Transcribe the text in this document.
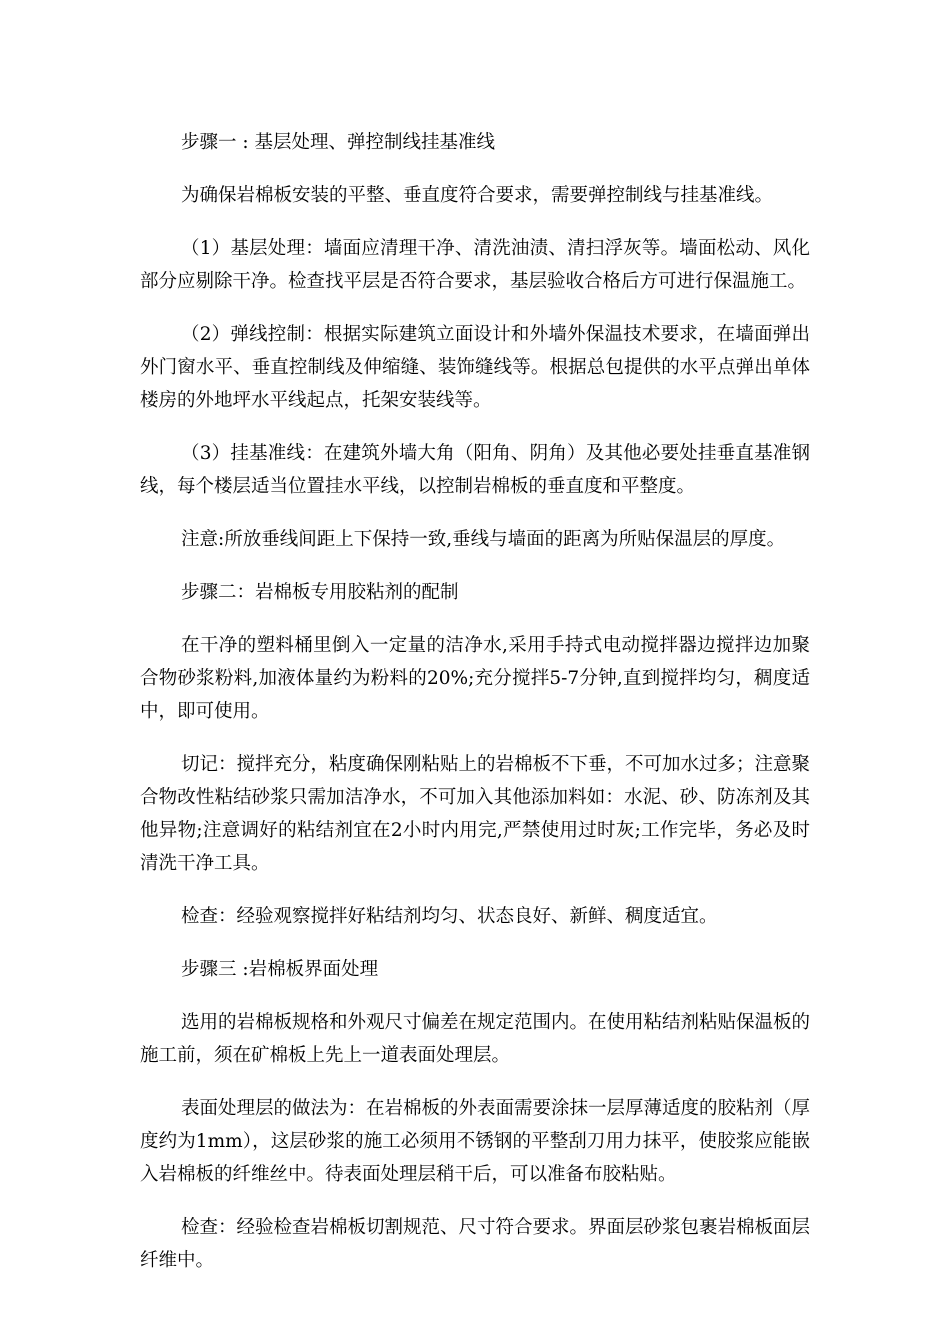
步骤一 : 基层处理、弹控制线挂基准线

为确保岩棉板安装的平整、垂直度符合要求，需要弹控制线与挂基准线。

（1）基层处理：墙面应清理干净、清洗油渍、清扫浮灰等。墙面松动、风化部分应剔除干净。检查找平层是否符合要求，基层验收合格后方可进行保温施工。

（2）弹线控制：根据实际建筑立面设计和外墙外保温技术要求，在墙面弹出外门窗水平、垂直控制线及伸缩缝、装饰缝线等。根据总包提供的水平点弹出单体楼房的外地坪水平线起点，托架安装线等。

（3）挂基准线：在建筑外墙大角（阳角、阴角）及其他必要处挂垂直基准钢线，每个楼层适当位置挂水平线，以控制岩棉板的垂直度和平整度。

注意:所放垂线间距上下保持一致,垂线与墙面的距离为所贴保温层的厚度。

步骤二：岩棉板专用胶粘剂的配制

在干净的塑料桶里倒入一定量的洁净水,采用手持式电动搅拌器边搅拌边加聚合物砂浆粉料,加液体量约为粉料的20%;充分搅拌5-7分钟,直到搅拌均匀，稠度适中，即可使用。

切记：搅拌充分，粘度确保刚粘贴上的岩棉板不下垂，不可加水过多；注意聚合物改性粘结砂浆只需加洁净水，不可加入其他添加料如：水泥、砂、防冻剂及其他异物;注意调好的粘结剂宜在2小时内用完,严禁使用过时灰;工作完毕，务必及时清洗干净工具。

检查：经验观察搅拌好粘结剂均匀、状态良好、新鲜、稠度适宜。

步骤三 :岩棉板界面处理

选用的岩棉板规格和外观尺寸偏差在规定范围内。在使用粘结剂粘贴保温板的施工前，须在矿棉板上先上一道表面处理层。

表面处理层的做法为：在岩棉板的外表面需要涂抹一层厚薄适度的胶粘剂（厚度约为1mm），这层砂浆的施工必须用不锈钢的平整刮刀用力抹平，使胶浆应能嵌入岩棉板的纤维丝中。待表面处理层稍干后，可以准备布胶粘贴。

检查：经验检查岩棉板切割规范、尺寸符合要求。界面层砂浆包裹岩棉板面层纤维中。
